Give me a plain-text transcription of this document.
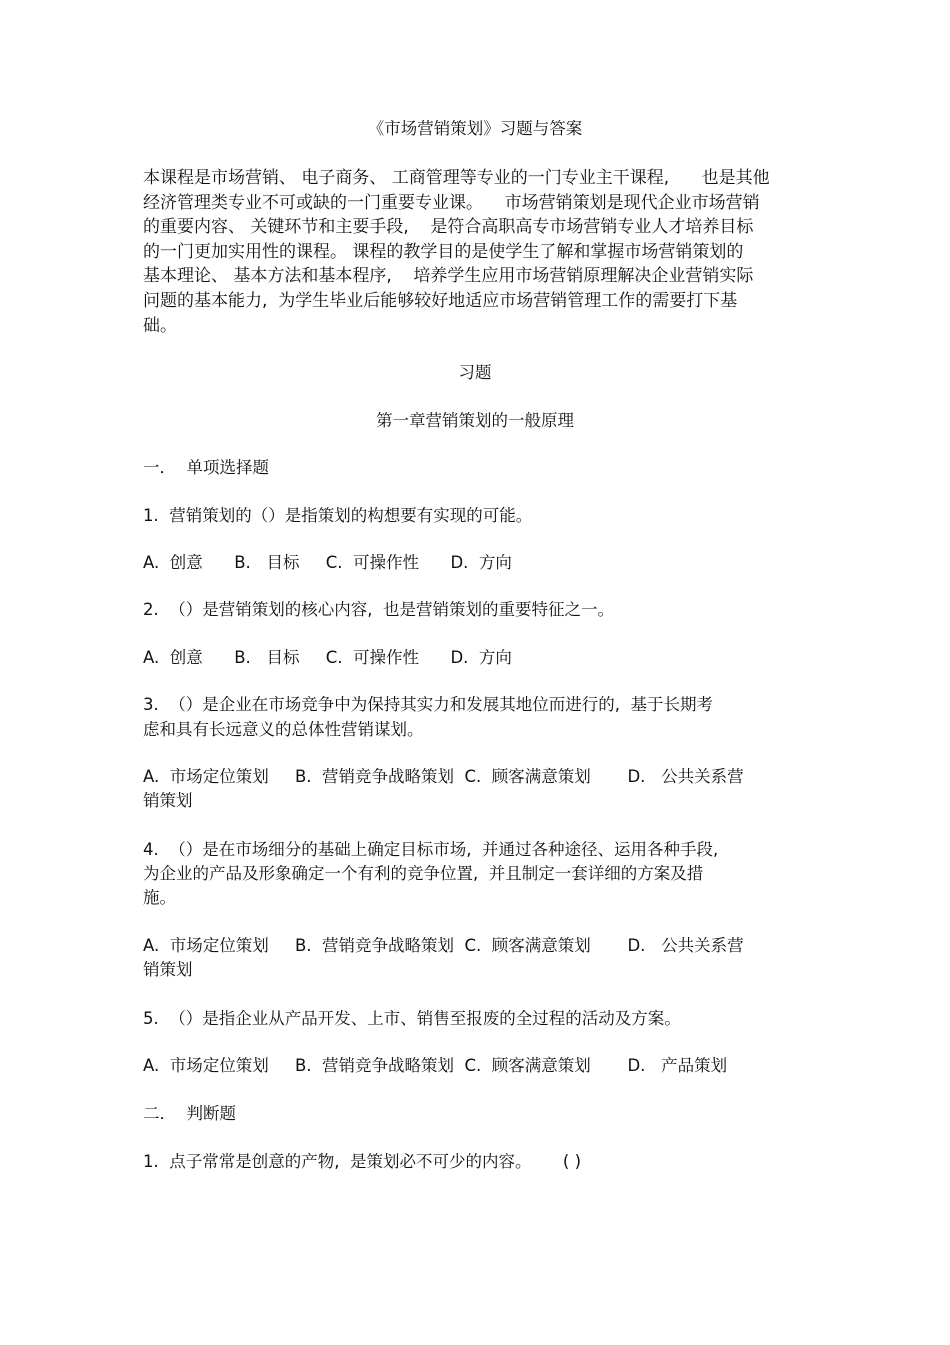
《市场营销策划》习题与答案
本课程是市场营销、 电子商务、 工商管理等专业的一门专业主干课程,      也是其他
经济管理类专业不可或缺的一门重要专业课。    市场营销策划是现代企业市场营销
的重要内容、 关键环节和主要手段,    是符合高职高专市场营销专业人才培养目标
的一门更加实用性的课程。 课程的教学目的是使学生了解和掌握市场营销策划的
基本理论、 基本方法和基本程序,    培养学生应用市场营销原理解决企业营销实际
问题的基本能力,  为学生毕业后能够较好地适应市场营销管理工作的需要打下基
础。
习题
第一章营销策划的一般原理
一．  单项选择题
1.  营销策划的（）是指策划的构想要有实现的可能。
A.  创意      B.   目标     C.  可操作性      D.  方向
2.  （）是营销策划的核心内容,  也是营销策划的重要特征之一。
A.  创意      B.   目标     C.  可操作性      D.  方向
3.  （）是企业在市场竞争中为保持其实力和发展其地位而进行的,  基于长期考
虑和具有长远意义的总体性营销谋划。
A.  市场定位策划     B.  营销竞争战略策划  C.  顾客满意策划       D.   公共关系营
销策划
4.  （）是在市场细分的基础上确定目标市场,  并通过各种途径、运用各种手段,
为企业的产品及形象确定一个有利的竞争位置,  并且制定一套详细的方案及措
施。
A.  市场定位策划     B.  营销竞争战略策划  C.  顾客满意策划       D.   公共关系营
销策划
5.  （）是指企业从产品开发、上市、销售至报废的全过程的活动及方案。
A.  市场定位策划     B.  营销竞争战略策划  C.  顾客满意策划       D.   产品策划
二．  判断题
1.  点子常常是创意的产物,  是策划必不可少的内容。      ( )
